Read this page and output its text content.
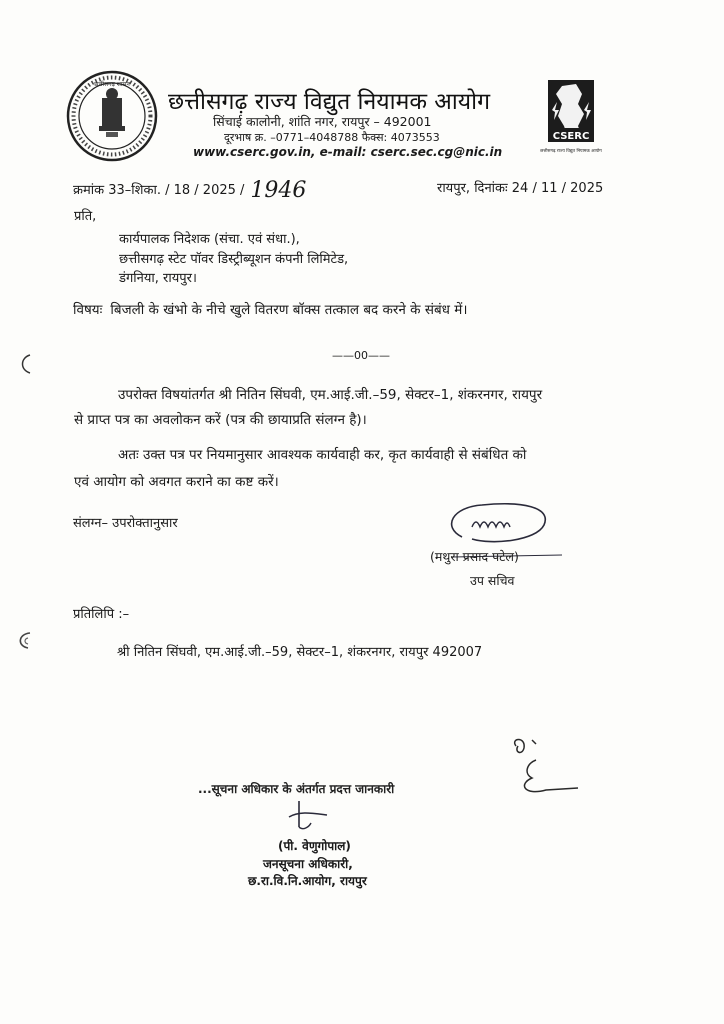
छत्तीसगढ़ शासन
छत्तीसगढ़ राज्य विद्युत नियामक आयोग
सिंचाई कालोनी, शांति नगर, रायपुर – 492001
दूरभाष क्र. –0771–4048788 फैक्स: 4073553
www.cserc.gov.in, e-mail: cserc.sec.cg@nic.in
CSERC
छत्तीसगढ़ राज्य विद्युत नियामक आयोग
क्रमांक 33–शिका. / 18 / 2025 / 1946	रायपुर, दिनांकः 24 / 11 / 2025
प्रति,
कार्यपालक निदेशक (संचा. एवं संधा.),
छत्तीसगढ़ स्टेट पॉवर डिस्ट्रीब्यूशन कंपनी लिमिटेड,
डंगनिया, रायपुर।
विषयः बिजली के खंभो के नीचे खुले वितरण बॉक्स तत्काल बद करने के संबंध में।
——00——
उपरोक्त विषयांतर्गत श्री नितिन सिंघवी, एम.आई.जी.–59, सेक्टर–1, शंकरनगर, रायपुर
से प्राप्त पत्र का अवलोकन करें (पत्र की छायाप्रति संलग्न है)।
अतः उक्त पत्र पर नियमानुसार आवश्यक कार्यवाही कर, कृत कार्यवाही से संबंधित को
एवं आयोग को अवगत कराने का कष्ट करें।
संलग्न– उपरोक्तानुसार
(मथुरा प्रसाद पटेल)
उप सचिव
प्रतिलिपि :–
श्री नितिन सिंघवी, एम.आई.जी.–59, सेक्टर–1, शंकरनगर, रायपुर 492007
...सूचना अधिकार के अंतर्गत प्रदत्त जानकारी
(पी. वेणुगोपाल)
जनसूचना अधिकारी,
छ.रा.वि.नि.आयोग, रायपुर
